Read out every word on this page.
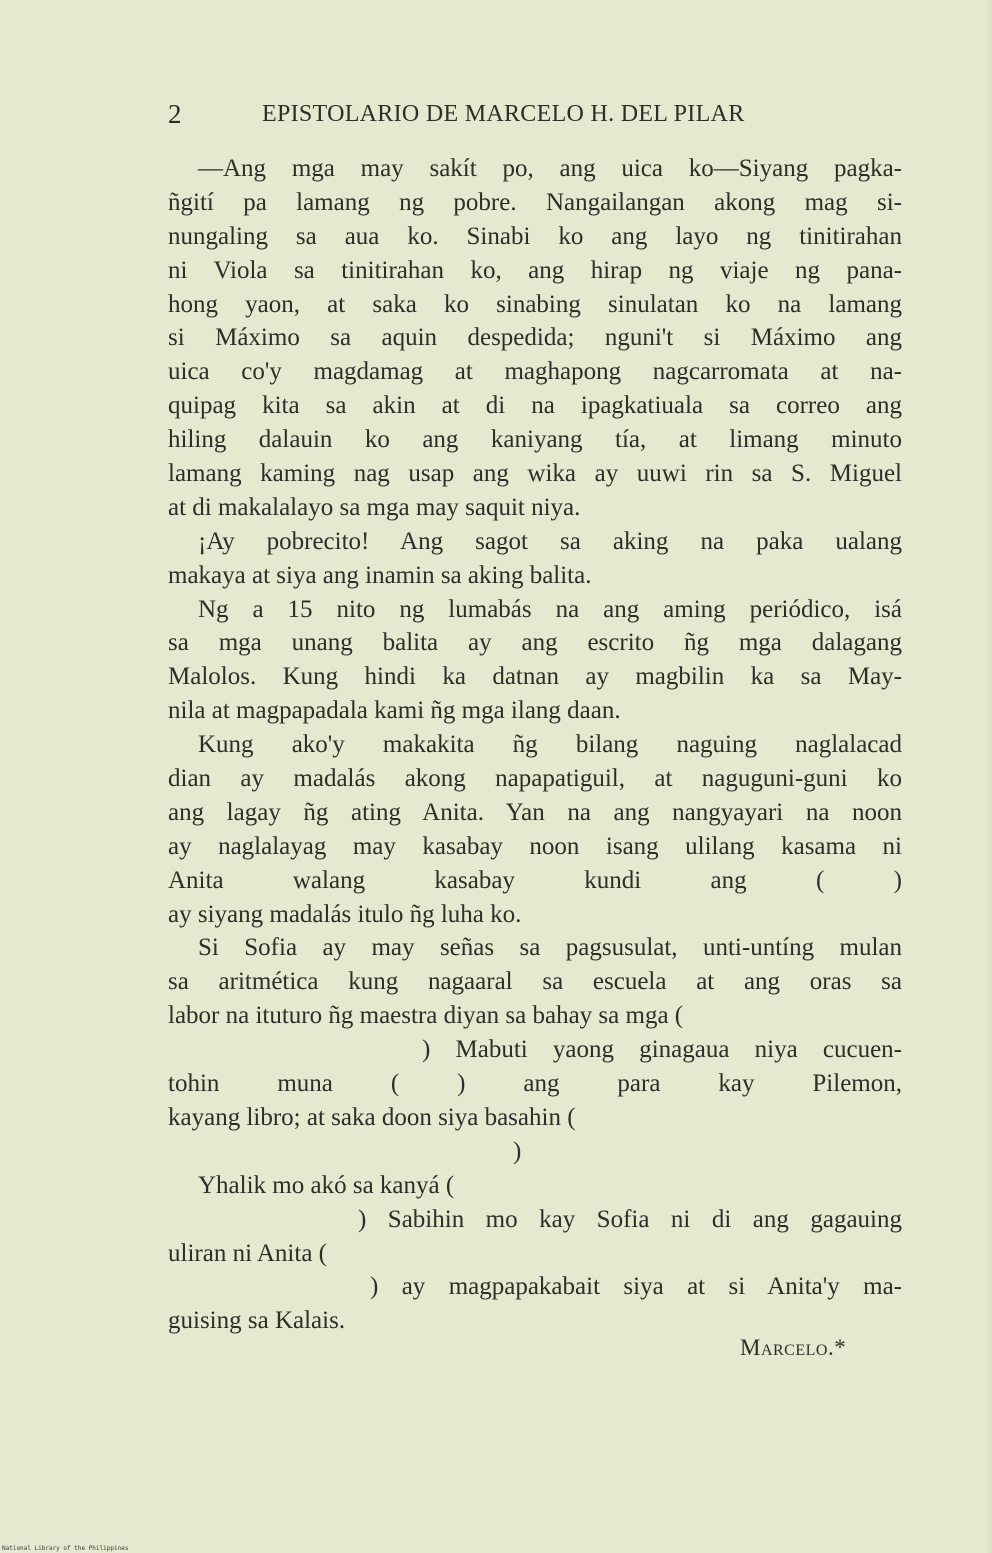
2	EPISTOLARIO DE MARCELO H. DEL PILAR
—Ang mga may sakít po, ang uica ko—Siyang pagka-
ñgití pa lamang ng pobre. Nangailangan akong mag si-
nungaling sa aua ko. Sinabi ko ang layo ng tinitirahan
ni Viola sa tinitirahan ko, ang hirap ng viaje ng pana-
hong yaon, at saka ko sinabing sinulatan ko na lamang
si Máximo sa aquin despedida; nguni't si Máximo ang
uica co'y magdamag at maghapong nagcarromata at na-
quipag kita sa akin at di na ipagkatiuala sa correo ang
hiling dalauin ko ang kaniyang tía, at limang minuto
lamang kaming nag usap ang wika ay uuwi rin sa S. Miguel
at di makalalayo sa mga may saquit niya.
¡Ay pobrecito! Ang sagot sa aking na paka ualang
makaya at siya ang inamin sa aking balita.
Ng a 15 nito ng lumabás na ang aming periódico, isá
sa mga unang balita ay ang escrito ñg mga dalagang
Malolos. Kung hindi ka datnan ay magbilin ka sa May-
nila at magpapadala kami ñg mga ilang daan.
Kung ako'y makakita ñg bilang naguing naglalacad
dian ay madalás akong napapatiguil, at naguguni-guni ko
ang lagay ñg ating Anita. Yan na ang nangyayari na noon
ay naglalayag may kasabay noon isang ulilang kasama ni
Anita walang kasabay kundi ang ( )
ay siyang madalás itulo ñg luha ko.
Si Sofia ay may señas sa pagsusulat, unti-untíng mulan
sa aritmética kung nagaaral sa escuela at ang oras sa
labor na ituturo ñg maestra diyan sa bahay sa mga (
) Mabuti yaong ginagaua niya cucuen-
tohin muna ( ) ang para kay Pilemon,
kayang libro; at saka doon siya basahin (
)
Yhalik mo akó sa kanyá (
) Sabihin mo kay Sofia ni di ang gagauing
uliran ni Anita (
) ay magpapakabait siya at si Anita'y ma-
guising sa Kalais.
Marcelo.*
National Library of the Philippines
